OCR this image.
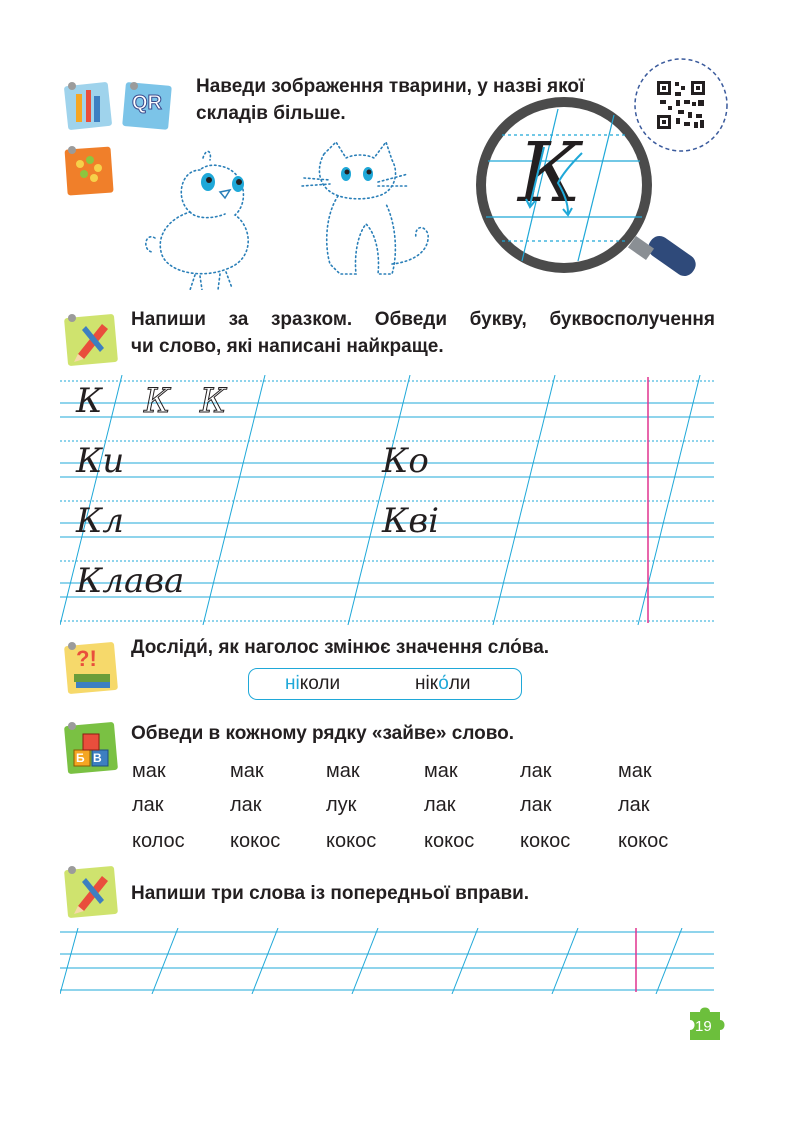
QR
Наведи зображення тварини, у назві якої
складів більше.
К
Напиши за зразком. Обведи букву, буквосполучення
чи слово, які написані найкраще.
К К К
Ки	Ко
Кл	Кві
Клава
?! Досліди́, як наголос змінює значення сло́ва.
ніколи	ніко́ли
Б В
Обведи в кожному рядку «зайве» слово.
мак	мак	мак	мак	лак	мак
лак	лак	лук	лак	лак	лак
колос кокос кокос кокос кокос кокос
Напиши три слова із попередньої вправи.
19
